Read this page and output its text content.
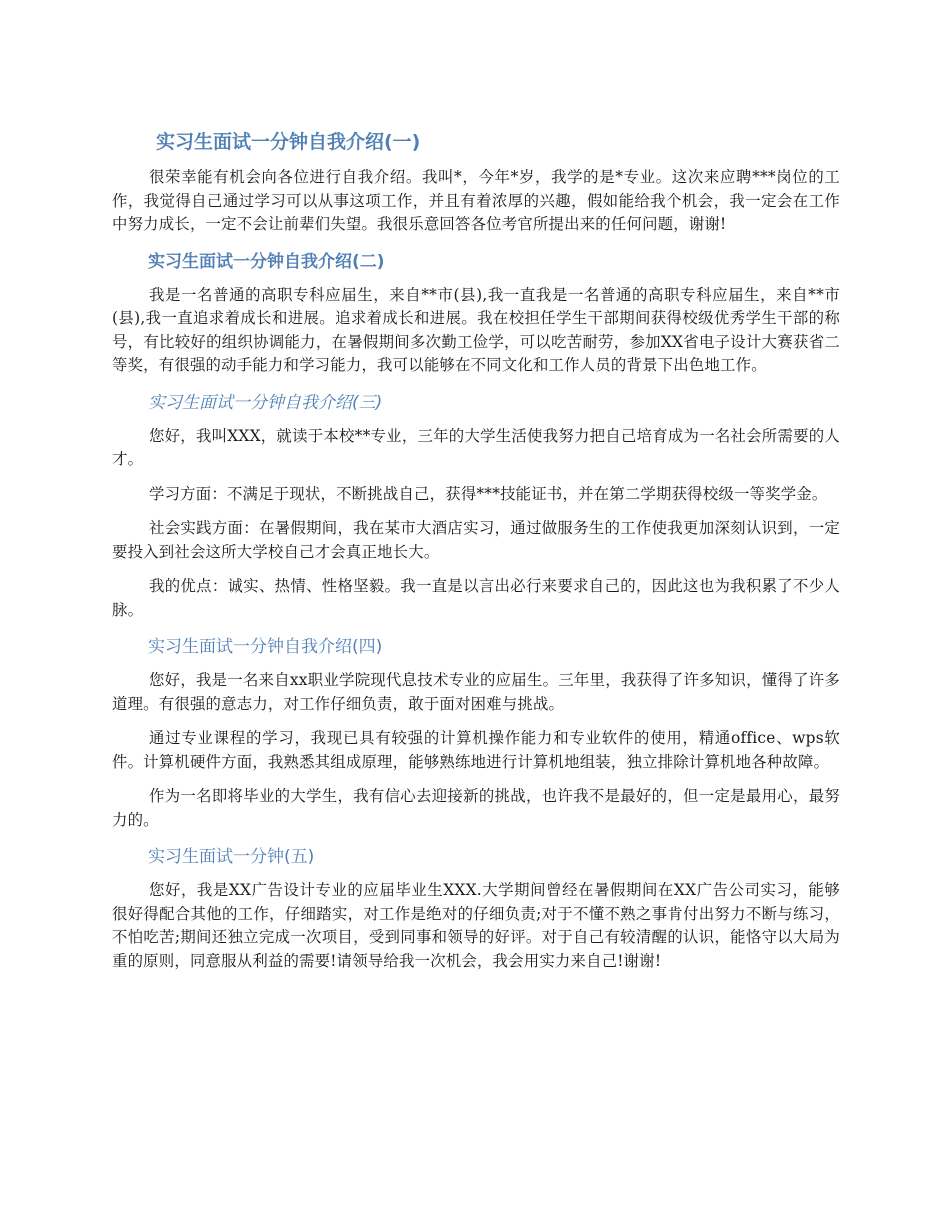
实习生面试一分钟自我介绍(一)

很荣幸能有机会向各位进行自我介绍。我叫*，今年*岁，我学的是*专业。这次来应聘***岗位的工作，我觉得自己通过学习可以从事这项工作，并且有着浓厚的兴趣，假如能给我个机会，我一定会在工作中努力成长，一定不会让前辈们失望。我很乐意回答各位考官所提出来的任何问题，谢谢!

实习生面试一分钟自我介绍(二)

我是一名普通的高职专科应届生，来自**市(县),我一直我是一名普通的高职专科应届生，来自**市(县),我一直追求着成长和进展。追求着成长和进展。我在校担任学生干部期间获得校级优秀学生干部的称号，有比较好的组织协调能力，在暑假期间多次勤工俭学，可以吃苦耐劳，参加XX省电子设计大赛获省二等奖，有很强的动手能力和学习能力，我可以能够在不同文化和工作人员的背景下出色地工作。

实习生面试一分钟自我介绍(三)

您好，我叫XXX，就读于本校**专业，三年的大学生活使我努力把自己培育成为一名社会所需要的人才。

学习方面：不满足于现状，不断挑战自己，获得***技能证书，并在第二学期获得校级一等奖学金。

社会实践方面：在暑假期间，我在某市大酒店实习，通过做服务生的工作使我更加深刻认识到，一定要投入到社会这所大学校自己才会真正地长大。

我的优点：诚实、热情、性格坚毅。我一直是以言出必行来要求自己的，因此这也为我积累了不少人脉。

实习生面试一分钟自我介绍(四)

您好，我是一名来自xx职业学院现代息技术专业的应届生。三年里，我获得了许多知识，懂得了许多道理。有很强的意志力，对工作仔细负责，敢于面对困难与挑战。

通过专业课程的学习，我现已具有较强的计算机操作能力和专业软件的使用，精通office、wps软件。计算机硬件方面，我熟悉其组成原理，能够熟练地进行计算机地组装，独立排除计算机地各种故障。

作为一名即将毕业的大学生，我有信心去迎接新的挑战，也许我不是最好的，但一定是最用心，最努力的。

实习生面试一分钟(五)

您好，我是XX广告设计专业的应届毕业生XXX.大学期间曾经在暑假期间在XX广告公司实习，能够很好得配合其他的工作，仔细踏实，对工作是绝对的仔细负责;对于不懂不熟之事肯付出努力不断与练习，不怕吃苦;期间还独立完成一次项目，受到同事和领导的好评。对于自己有较清醒的认识，能恪守以大局为重的原则，同意服从利益的需要!请领导给我一次机会，我会用实力来自己!谢谢!
